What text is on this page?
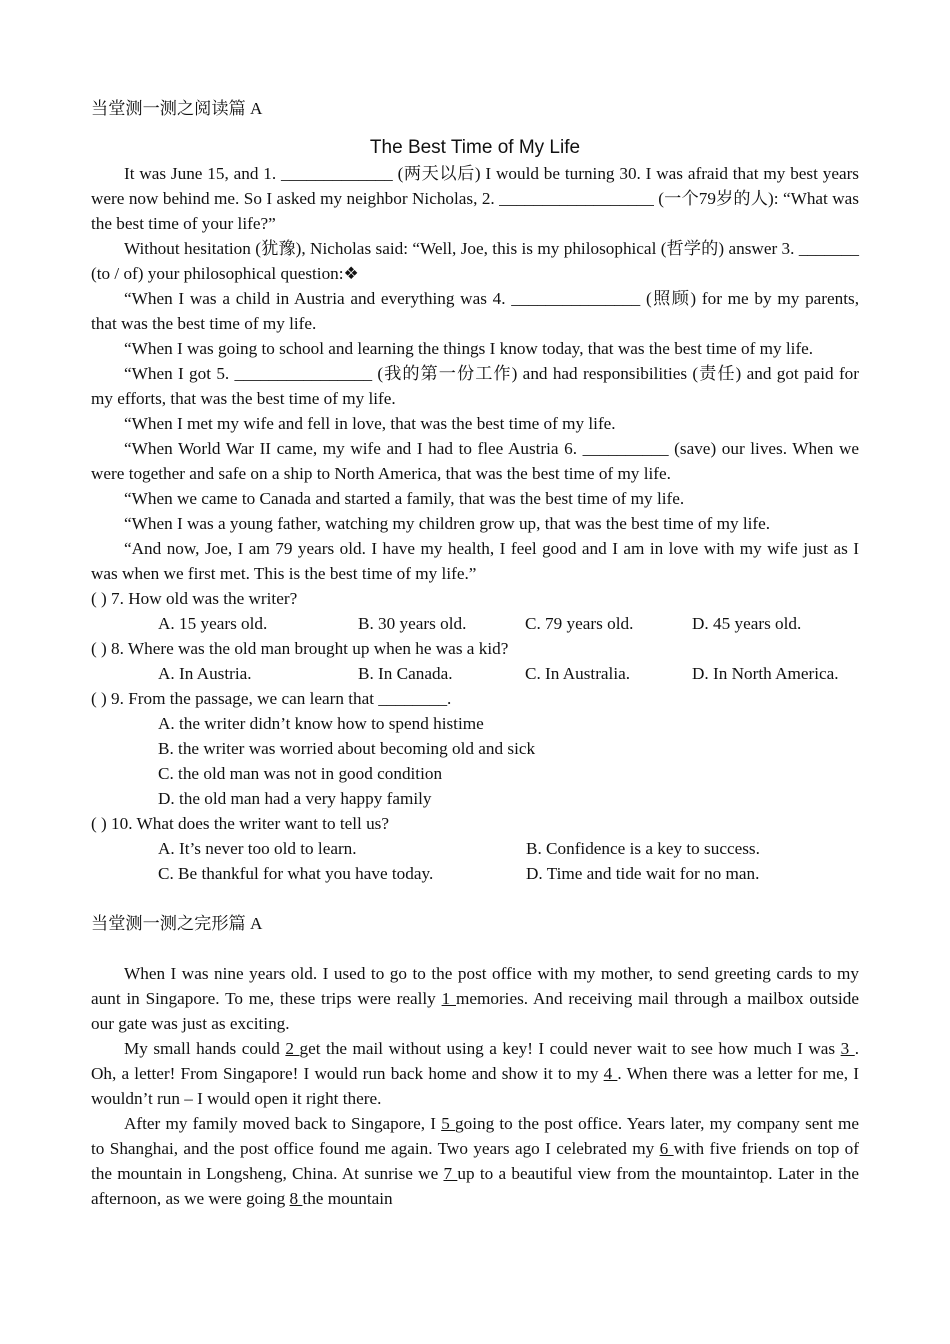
当堂测一测之阅读篇 A

The Best Time of My Life

It was June 15, and 1. _____________ (两天以后) I would be turning 30. I was afraid that my best years were now behind me. So I asked my neighbor Nicholas, 2. __________________ (一个79岁的人): “What was the best time of your life?”

Without hesitation (犹豫), Nicholas said: “Well, Joe, this is my philosophical (哲学的) answer 3. _______ (to / of) your philosophical question:❖

“When I was a child in Austria and everything was 4. _______________ (照顾) for me by my parents, that was the best time of my life.

“When I was going to school and learning the things I know today, that was the best time of my life.

“When I got 5. ________________ (我的第一份工作) and had responsibilities (责任) and got paid for my efforts, that was the best time of my life.

“When I met my wife and fell in love, that was the best time of my life.

“When World War II came, my wife and I had to flee Austria 6. __________ (save) our lives. When we were together and safe on a ship to North America, that was the best time of my life.

“When we came to Canada and started a family, that was the best time of my life.

“When I was a young father, watching my children grow up, that was the best time of my life.

“And now, Joe, I am 79 years old. I have my health, I feel good and I am in love with my wife just as I was when we first met. This is the best time of my life.”

( ) 7. How old was the writer?

A. 15 years old.	B. 30 years old.	C. 79 years old.	D. 45 years old.

( ) 8. Where was the old man brought up when he was a kid?

A. In Austria.	B. In Canada.	C. In Australia.	D. In North America.

( ) 9. From the passage, we can learn that ________.

A. the writer didn’t know how to spend histime

B. the writer was worried about becoming old and sick

C. the old man was not in good condition

D. the old man had a very happy family

( ) 10. What does the writer want to tell us?

A. It’s never too old to learn.	B. Confidence is a key to success.
C. Be thankful for what you have today.	D. Time and tide wait for no man.

当堂测一测之完形篇 A

When I was nine years old. I used to go to the post office with my mother, to send greeting cards to my aunt in Singapore. To me, these trips were really 1 memories. And receiving mail through a mailbox outside our gate was just as exciting.

My small hands could 2 get the mail without using a key! I could never wait to see how much I was 3 . Oh, a letter! From Singapore! I would run back home and show it to my 4 . When there was a letter for me, I wouldn’t run – I would open it right there.

After my family moved back to Singapore, I 5 going to the post office. Years later, my company sent me to Shanghai, and the post office found me again. Two years ago I celebrated my 6 with five friends on top of the mountain in Longsheng, China. At sunrise we 7 up to a beautiful view from the mountaintop. Later in the afternoon, as we were going 8 the mountain
